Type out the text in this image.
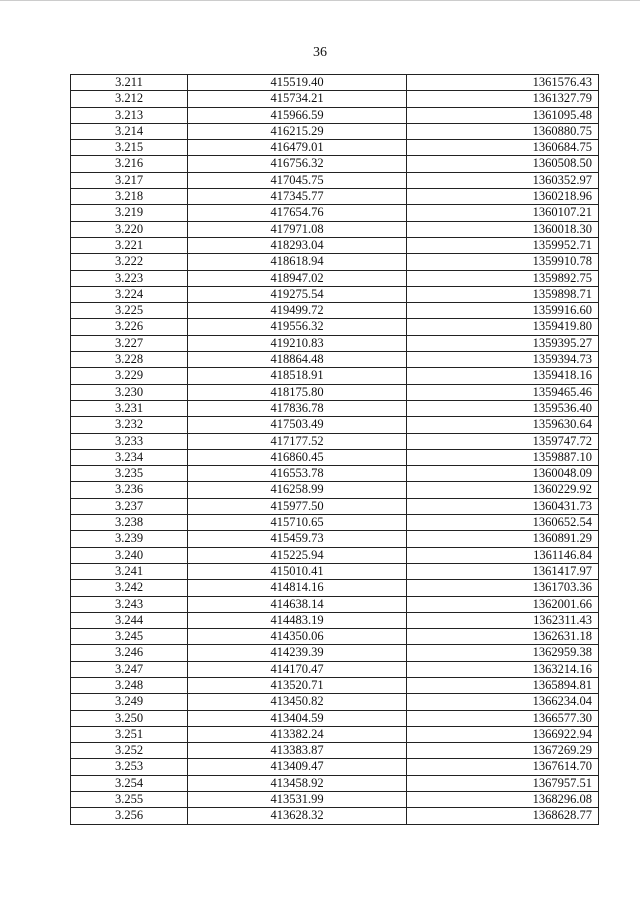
36
3.211	415519.40	1361576.43
3.212	415734.21	1361327.79
3.213	415966.59	1361095.48
3.214	416215.29	1360880.75
3.215	416479.01	1360684.75
3.216	416756.32	1360508.50
3.217	417045.75	1360352.97
3.218	417345.77	1360218.96
3.219	417654.76	1360107.21
3.220	417971.08	1360018.30
3.221	418293.04	1359952.71
3.222	418618.94	1359910.78
3.223	418947.02	1359892.75
3.224	419275.54	1359898.71
3.225	419499.72	1359916.60
3.226	419556.32	1359419.80
3.227	419210.83	1359395.27
3.228	418864.48	1359394.73
3.229	418518.91	1359418.16
3.230	418175.80	1359465.46
3.231	417836.78	1359536.40
3.232	417503.49	1359630.64
3.233	417177.52	1359747.72
3.234	416860.45	1359887.10
3.235	416553.78	1360048.09
3.236	416258.99	1360229.92
3.237	415977.50	1360431.73
3.238	415710.65	1360652.54
3.239	415459.73	1360891.29
3.240	415225.94	1361146.84
3.241	415010.41	1361417.97
3.242	414814.16	1361703.36
3.243	414638.14	1362001.66
3.244	414483.19	1362311.43
3.245	414350.06	1362631.18
3.246	414239.39	1362959.38
3.247	414170.47	1363214.16
3.248	413520.71	1365894.81
3.249	413450.82	1366234.04
3.250	413404.59	1366577.30
3.251	413382.24	1366922.94
3.252	413383.87	1367269.29
3.253	413409.47	1367614.70
3.254	413458.92	1367957.51
3.255	413531.99	1368296.08
3.256	413628.32	1368628.77
